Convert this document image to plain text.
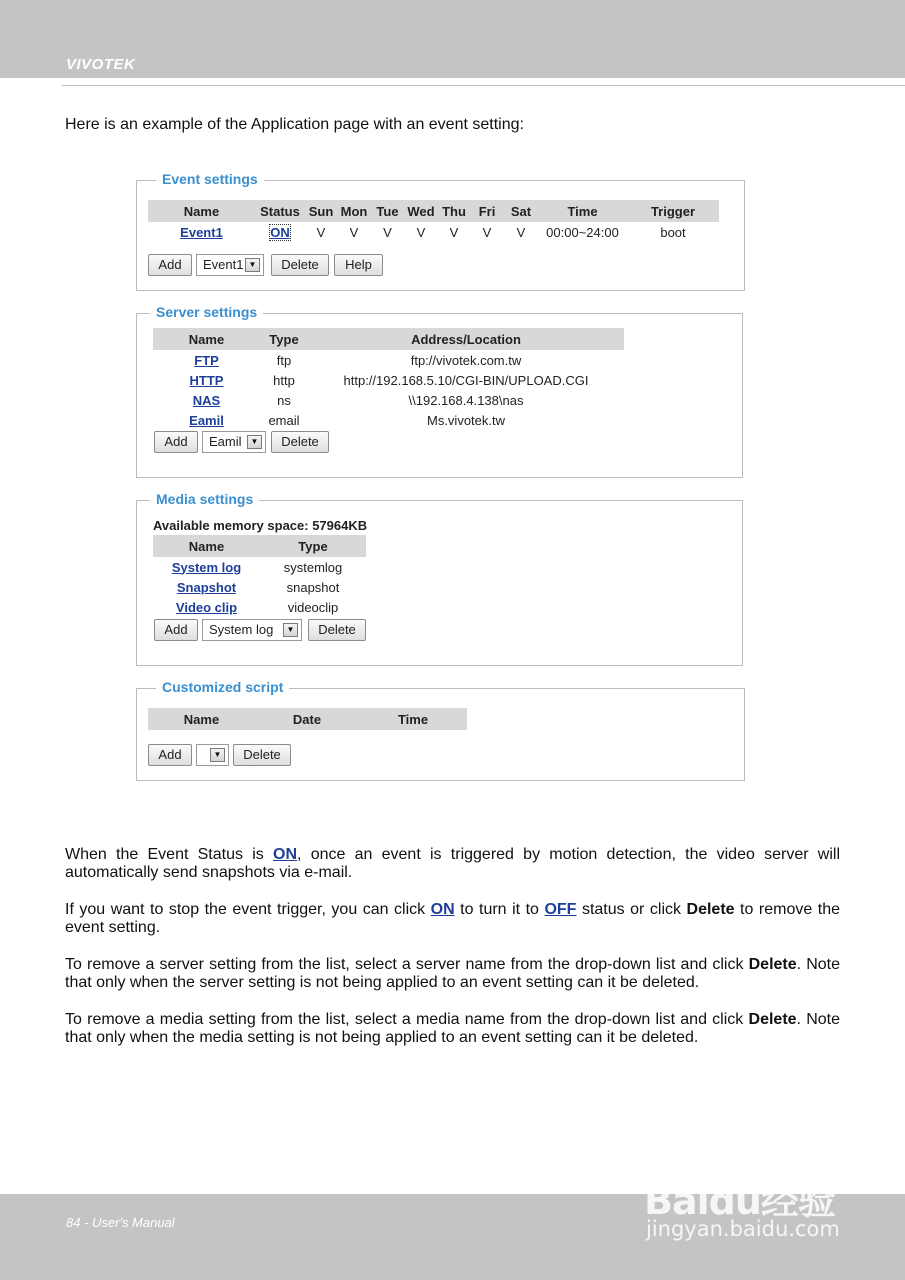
VIVOTEK
Here is an example of the Application page with an event setting:
Event settings
Name	Status	Sun	Mon	Tue	Wed	Thu	Fri	Sat	Time	Trigger
Event1	ON	V	V	V	V	V	V	V	00:00~24:00	boot
Add	Event1 ▼	Delete	Help
Server settings
Name	Type	Address/Location
FTP	ftp	ftp://vivotek.com.tw
HTTP	http	http://192.168.5.10/CGI-BIN/UPLOAD.CGI
NAS	ns	\\192.168.4.138\nas
Eamil	email	Ms.vivotek.tw
Add	Eamil	▼	Delete
Media settings
Available memory space: 57964KB
Name	Type
System log	systemlog
Snapshot	snapshot
Video clip	videoclip
Add	System log	▼	Delete
Customized script
Name	Date	Time
Add	▼	Delete
When the Event Status is ON, once an event is triggered by motion detection, the video server will automatically send snapshots via e-mail.
If you want to stop the event trigger, you can click ON to turn it to OFF status or click Delete to remove the event setting.
To remove a server setting from the list, select a server name from the drop-down list and click Delete. Note that only when the server setting is not being applied to an event setting can it be deleted.
To remove a media setting from the list, select a media name from the drop-down list and click Delete. Note that only when the media setting is not being applied to an event setting can it be deleted.
84 - User's Manual	Baidu经验
jingyan.baidu.com
